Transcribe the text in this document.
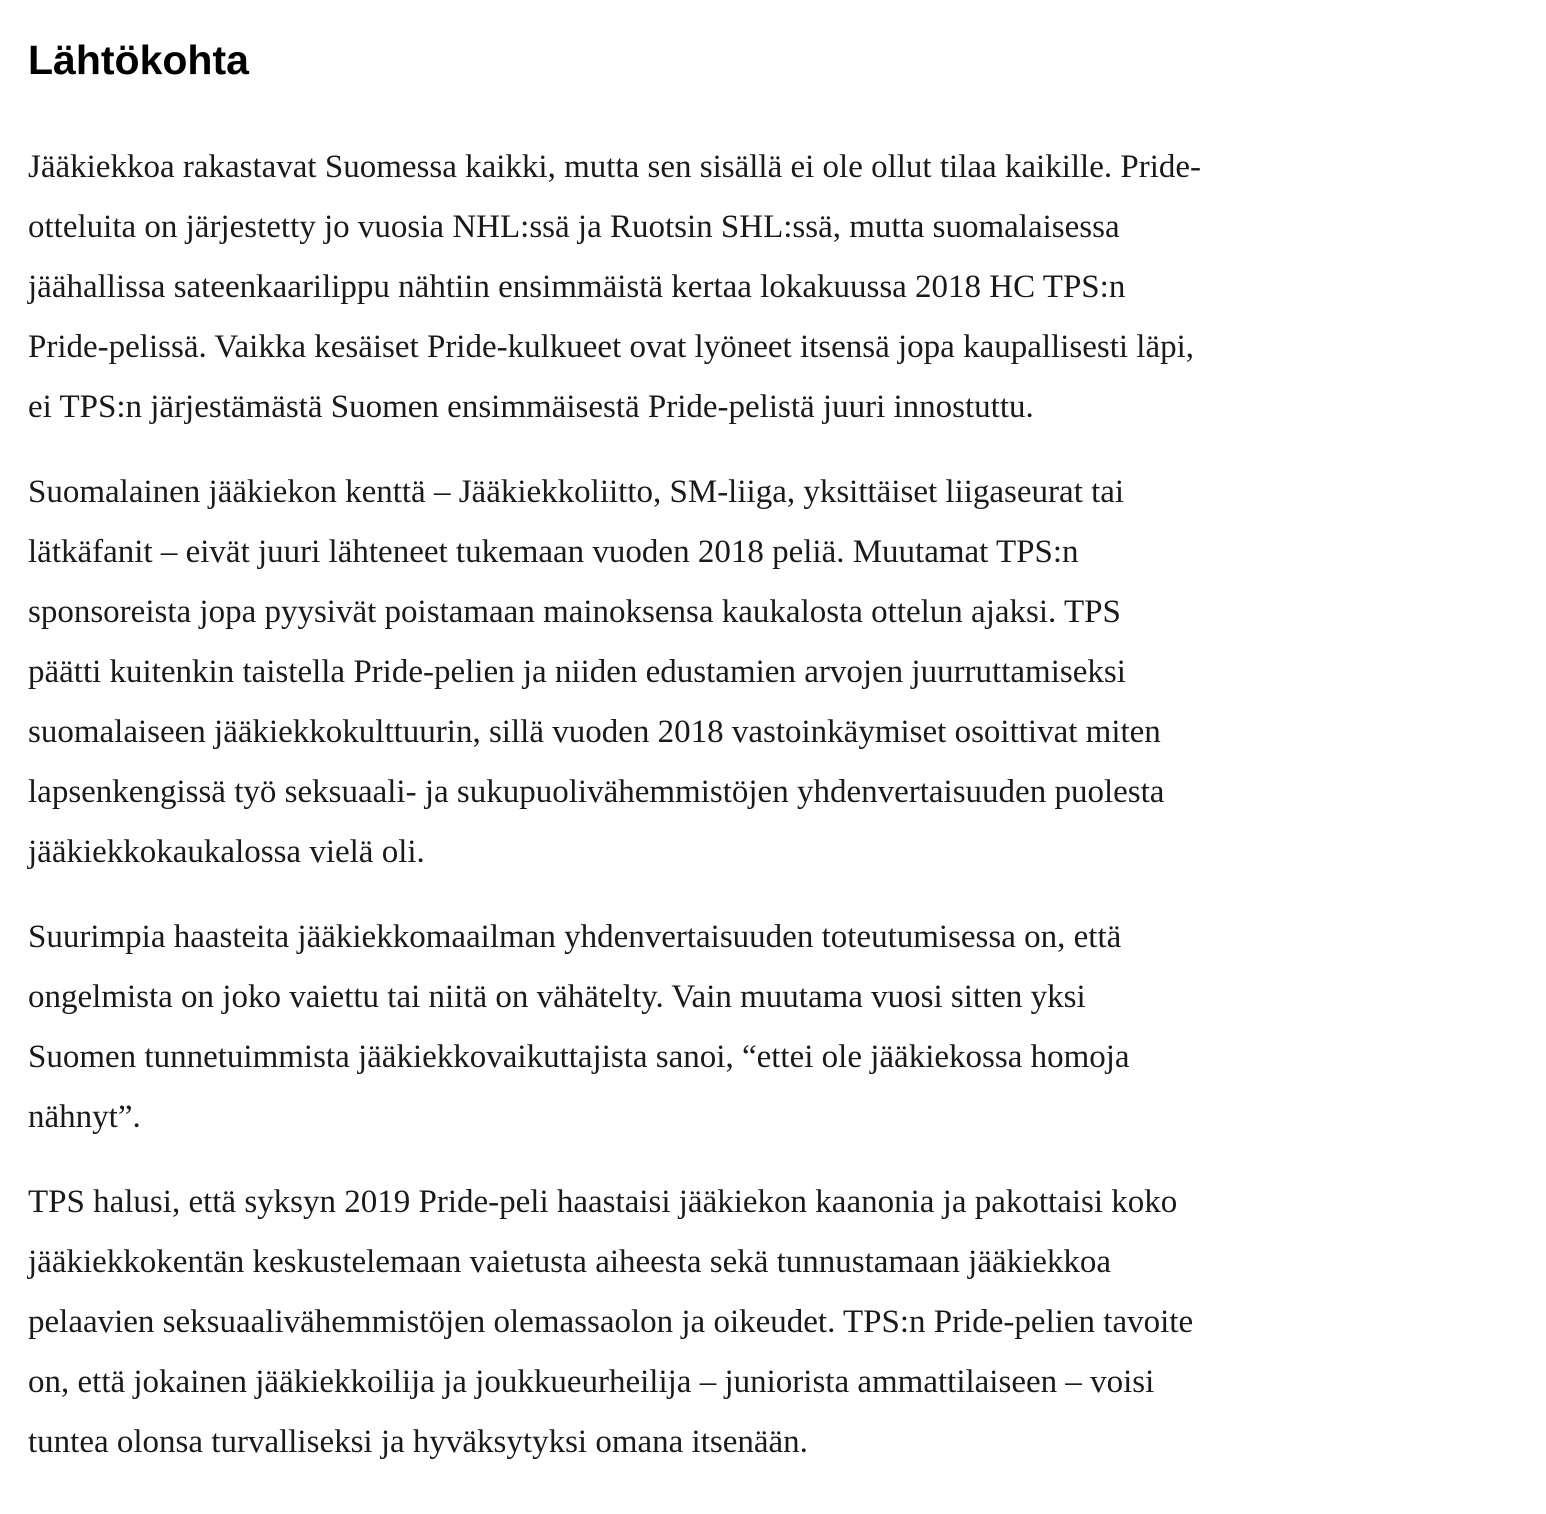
Lähtökohta

Jääkiekkoa rakastavat Suomessa kaikki, mutta sen sisällä ei ole ollut tilaa kaikille. Pride-
otteluita on järjestetty jo vuosia NHL:ssä ja Ruotsin SHL:ssä, mutta suomalaisessa
jäähallissa sateenkaarilippu nähtiin ensimmäistä kertaa lokakuussa 2018 HC TPS:n
Pride-pelissä. Vaikka kesäiset Pride-kulkueet ovat lyöneet itsensä jopa kaupallisesti läpi,
ei TPS:n järjestämästä Suomen ensimmäisestä Pride-pelistä juuri innostuttu.

Suomalainen jääkiekon kenttä – Jääkiekkoliitto, SM-liiga, yksittäiset liigaseurat tai
lätkäfanit – eivät juuri lähteneet tukemaan vuoden 2018 peliä. Muutamat TPS:n
sponsoreista jopa pyysivät poistamaan mainoksensa kaukalosta ottelun ajaksi. TPS
päätti kuitenkin taistella Pride-pelien ja niiden edustamien arvojen juurruttamiseksi
suomalaiseen jääkiekkokulttuurin, sillä vuoden 2018 vastoinkäymiset osoittivat miten
lapsenkengissä työ seksuaali- ja sukupuolivähemmistöjen yhdenvertaisuuden puolesta
jääkiekkokaukalossa vielä oli.

Suurimpia haasteita jääkiekkomaailman yhdenvertaisuuden toteutumisessa on, että
ongelmista on joko vaiettu tai niitä on vähätelty. Vain muutama vuosi sitten yksi
Suomen tunnetuimmista jääkiekkovaikuttajista sanoi, “ettei ole jääkiekossa homoja
nähnyt”.

TPS halusi, että syksyn 2019 Pride-peli haastaisi jääkiekon kaanonia ja pakottaisi koko
jääkiekkokentän keskustelemaan vaietusta aiheesta sekä tunnustamaan jääkiekkoa
pelaavien seksuaalivähemmistöjen olemassaolon ja oikeudet. TPS:n Pride-pelien tavoite
on, että jokainen jääkiekkoilija ja joukkueurheilija – juniorista ammattilaiseen – voisi
tuntea olonsa turvalliseksi ja hyväksytyksi omana itsenään.
